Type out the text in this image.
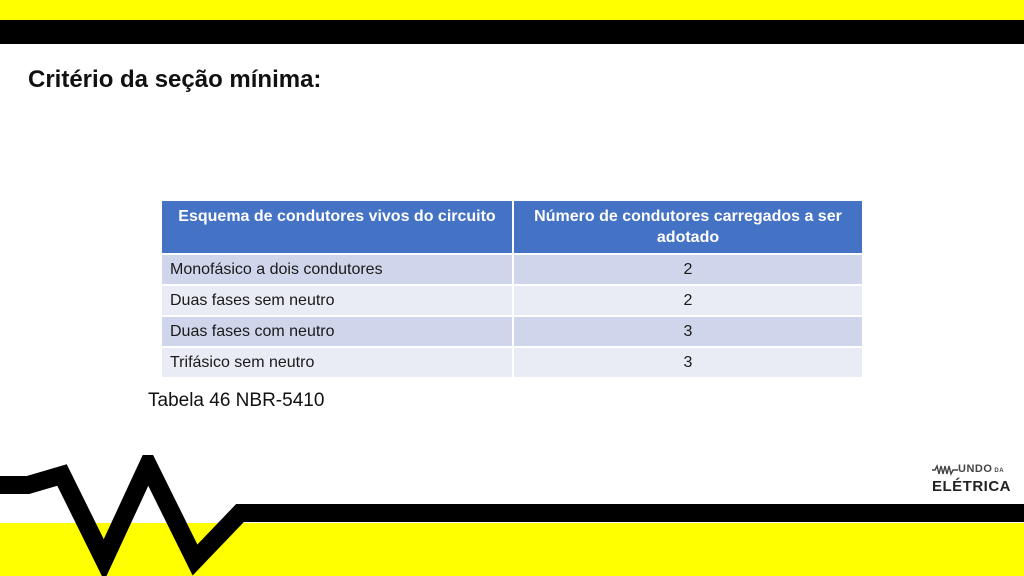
Critério da seção mínima:
Esquema de condutores vivos do circuito	Número de condutores carregados a ser adotado
Monofásico a dois condutores	2
Duas fases sem neutro	2
Duas fases com neutro	3
Trifásico sem neutro	3
Tabela 46 NBR-5410
UNDO DA
ELÉTRICA
